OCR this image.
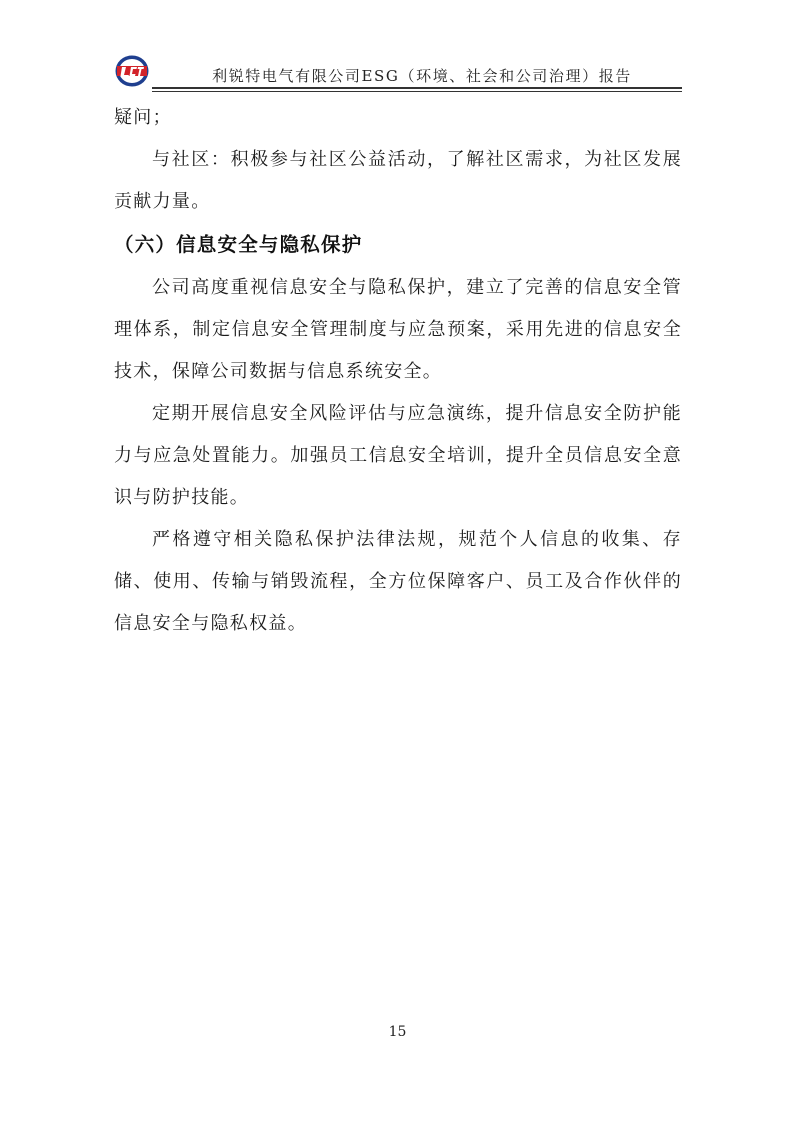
利锐特电气有限公司ESG（环境、社会和公司治理）报告

疑问；

与社区：积极参与社区公益活动，了解社区需求，为社区发展贡献力量。

（六）信息安全与隐私保护

公司高度重视信息安全与隐私保护，建立了完善的信息安全管理体系，制定信息安全管理制度与应急预案，采用先进的信息安全技术，保障公司数据与信息系统安全。

定期开展信息安全风险评估与应急演练，提升信息安全防护能力与应急处置能力。加强员工信息安全培训，提升全员信息安全意识与防护技能。

严格遵守相关隐私保护法律法规，规范个人信息的收集、存储、使用、传输与销毁流程，全方位保障客户、员工及合作伙伴的信息安全与隐私权益。

15
